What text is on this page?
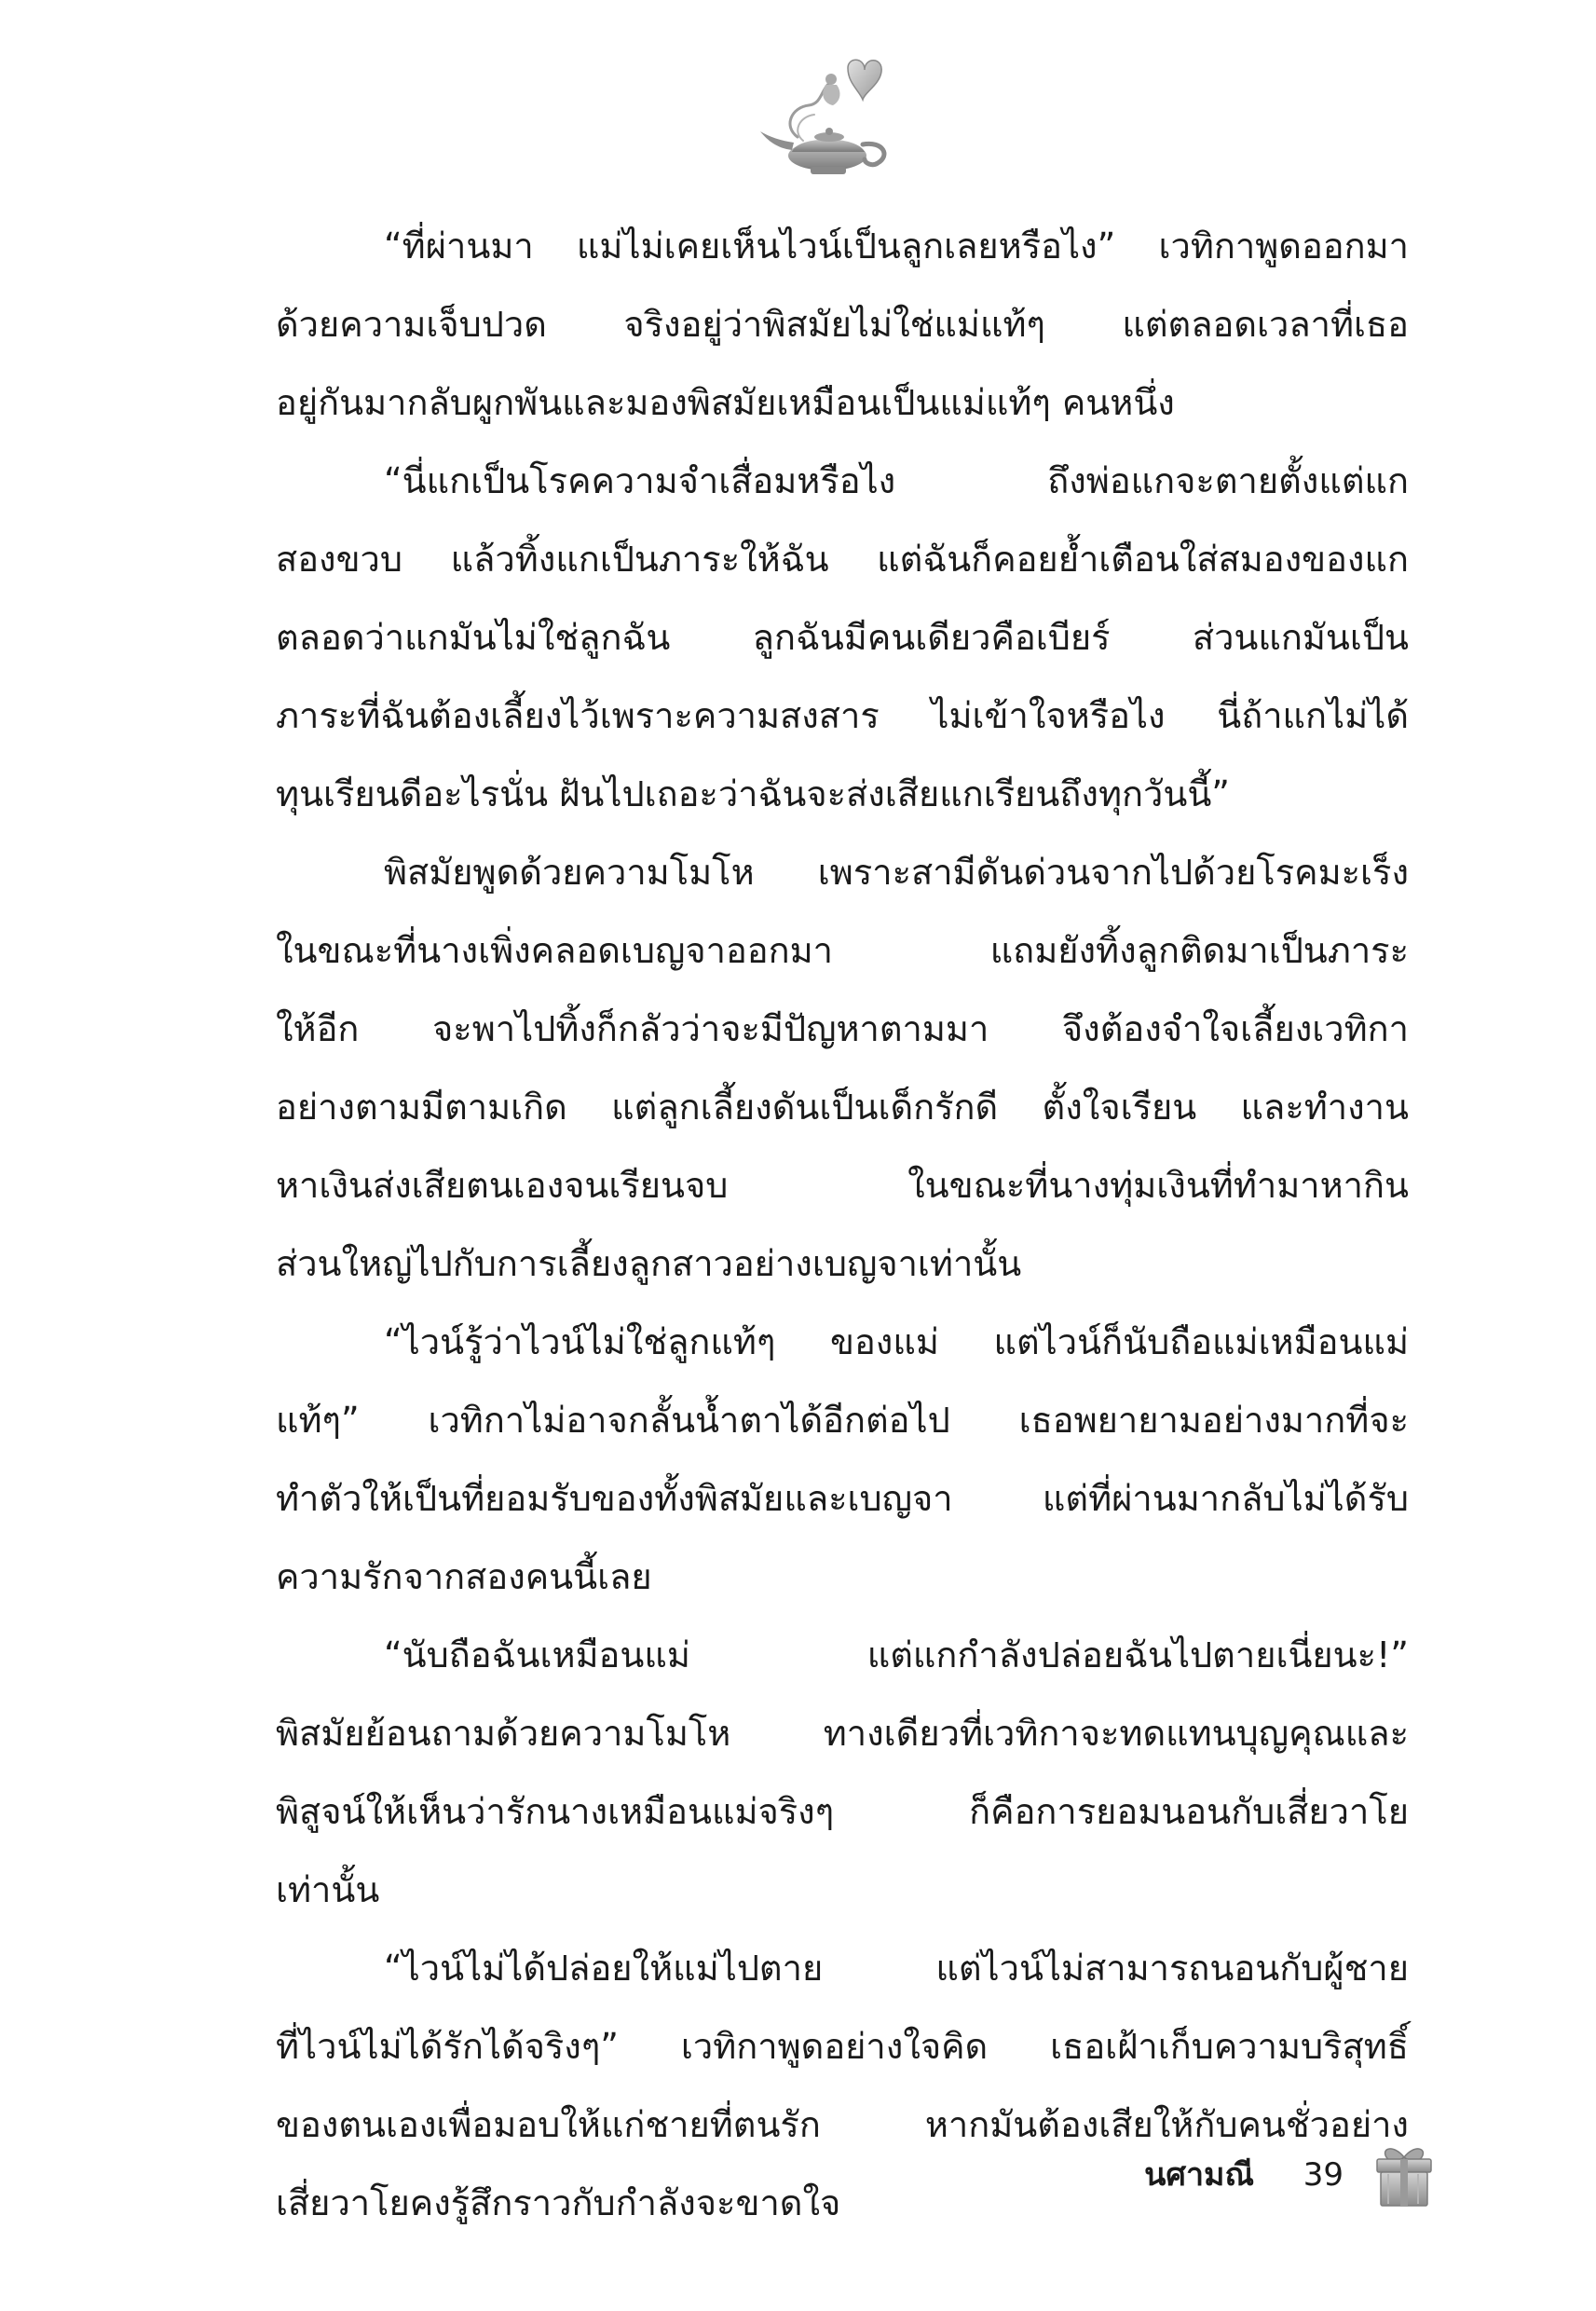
“ที่ผ่านมา แม่ไม่เคยเห็นไวน์เป็นลูกเลยหรือไง” เวทิกาพูดออกมา
ด้วยความเจ็บปวด จริงอยู่ว่าพิสมัยไม่ใช่แม่แท้ๆ แต่ตลอดเวลาที่เธอ
อยู่กันมากลับผูกพันและมองพิสมัยเหมือนเป็นแม่แท้ๆ คนหนึ่ง
“นี่แกเป็นโรคความจำเสื่อมหรือไง ถึงพ่อแกจะตายตั้งแต่แก
สองขวบ แล้วทิ้งแกเป็นภาระให้ฉัน แต่ฉันก็คอยย้ำเตือนใส่สมองของแก
ตลอดว่าแกมันไม่ใช่ลูกฉัน ลูกฉันมีคนเดียวคือเบียร์ ส่วนแกมันเป็น
ภาระที่ฉันต้องเลี้ยงไว้เพราะความสงสาร ไม่เข้าใจหรือไง นี่ถ้าแกไม่ได้
ทุนเรียนดีอะไรนั่น ฝันไปเถอะว่าฉันจะส่งเสียแกเรียนถึงทุกวันนี้”
พิสมัยพูดด้วยความโมโห เพราะสามีดันด่วนจากไปด้วยโรคมะเร็ง
ในขณะที่นางเพิ่งคลอดเบญจาออกมา แถมยังทิ้งลูกติดมาเป็นภาระ
ให้อีก จะพาไปทิ้งก็กลัวว่าจะมีปัญหาตามมา จึงต้องจำใจเลี้ยงเวทิกา
อย่างตามมีตามเกิด แต่ลูกเลี้ยงดันเป็นเด็กรักดี ตั้งใจเรียน และทำงาน
หาเงินส่งเสียตนเองจนเรียนจบ ในขณะที่นางทุ่มเงินที่ทำมาหากิน
ส่วนใหญ่ไปกับการเลี้ยงลูกสาวอย่างเบญจาเท่านั้น
“ไวน์รู้ว่าไวน์ไม่ใช่ลูกแท้ๆ ของแม่ แต่ไวน์ก็นับถือแม่เหมือนแม่
แท้ๆ” เวทิกาไม่อาจกลั้นน้ำตาได้อีกต่อไป เธอพยายามอย่างมากที่จะ
ทำตัวให้เป็นที่ยอมรับของทั้งพิสมัยและเบญจา แต่ที่ผ่านมากลับไม่ได้รับ
ความรักจากสองคนนี้เลย
“นับถือฉันเหมือนแม่ แต่แกกำลังปล่อยฉันไปตายเนี่ยนะ!”
พิสมัยย้อนถามด้วยความโมโห ทางเดียวที่เวทิกาจะทดแทนบุญคุณและ
พิสูจน์ให้เห็นว่ารักนางเหมือนแม่จริงๆ ก็คือการยอมนอนกับเสี่ยวาโย
เท่านั้น
“ไวน์ไม่ได้ปล่อยให้แม่ไปตาย แต่ไวน์ไม่สามารถนอนกับผู้ชาย
ที่ไวน์ไม่ได้รักได้จริงๆ” เวทิกาพูดอย่างใจคิด เธอเฝ้าเก็บความบริสุทธิ์
ของตนเองเพื่อมอบให้แก่ชายที่ตนรัก หากมันต้องเสียให้กับคนชั่วอย่าง
เสี่ยวาโยคงรู้สึกราวกับกำลังจะขาดใจ
นศามณี 39
